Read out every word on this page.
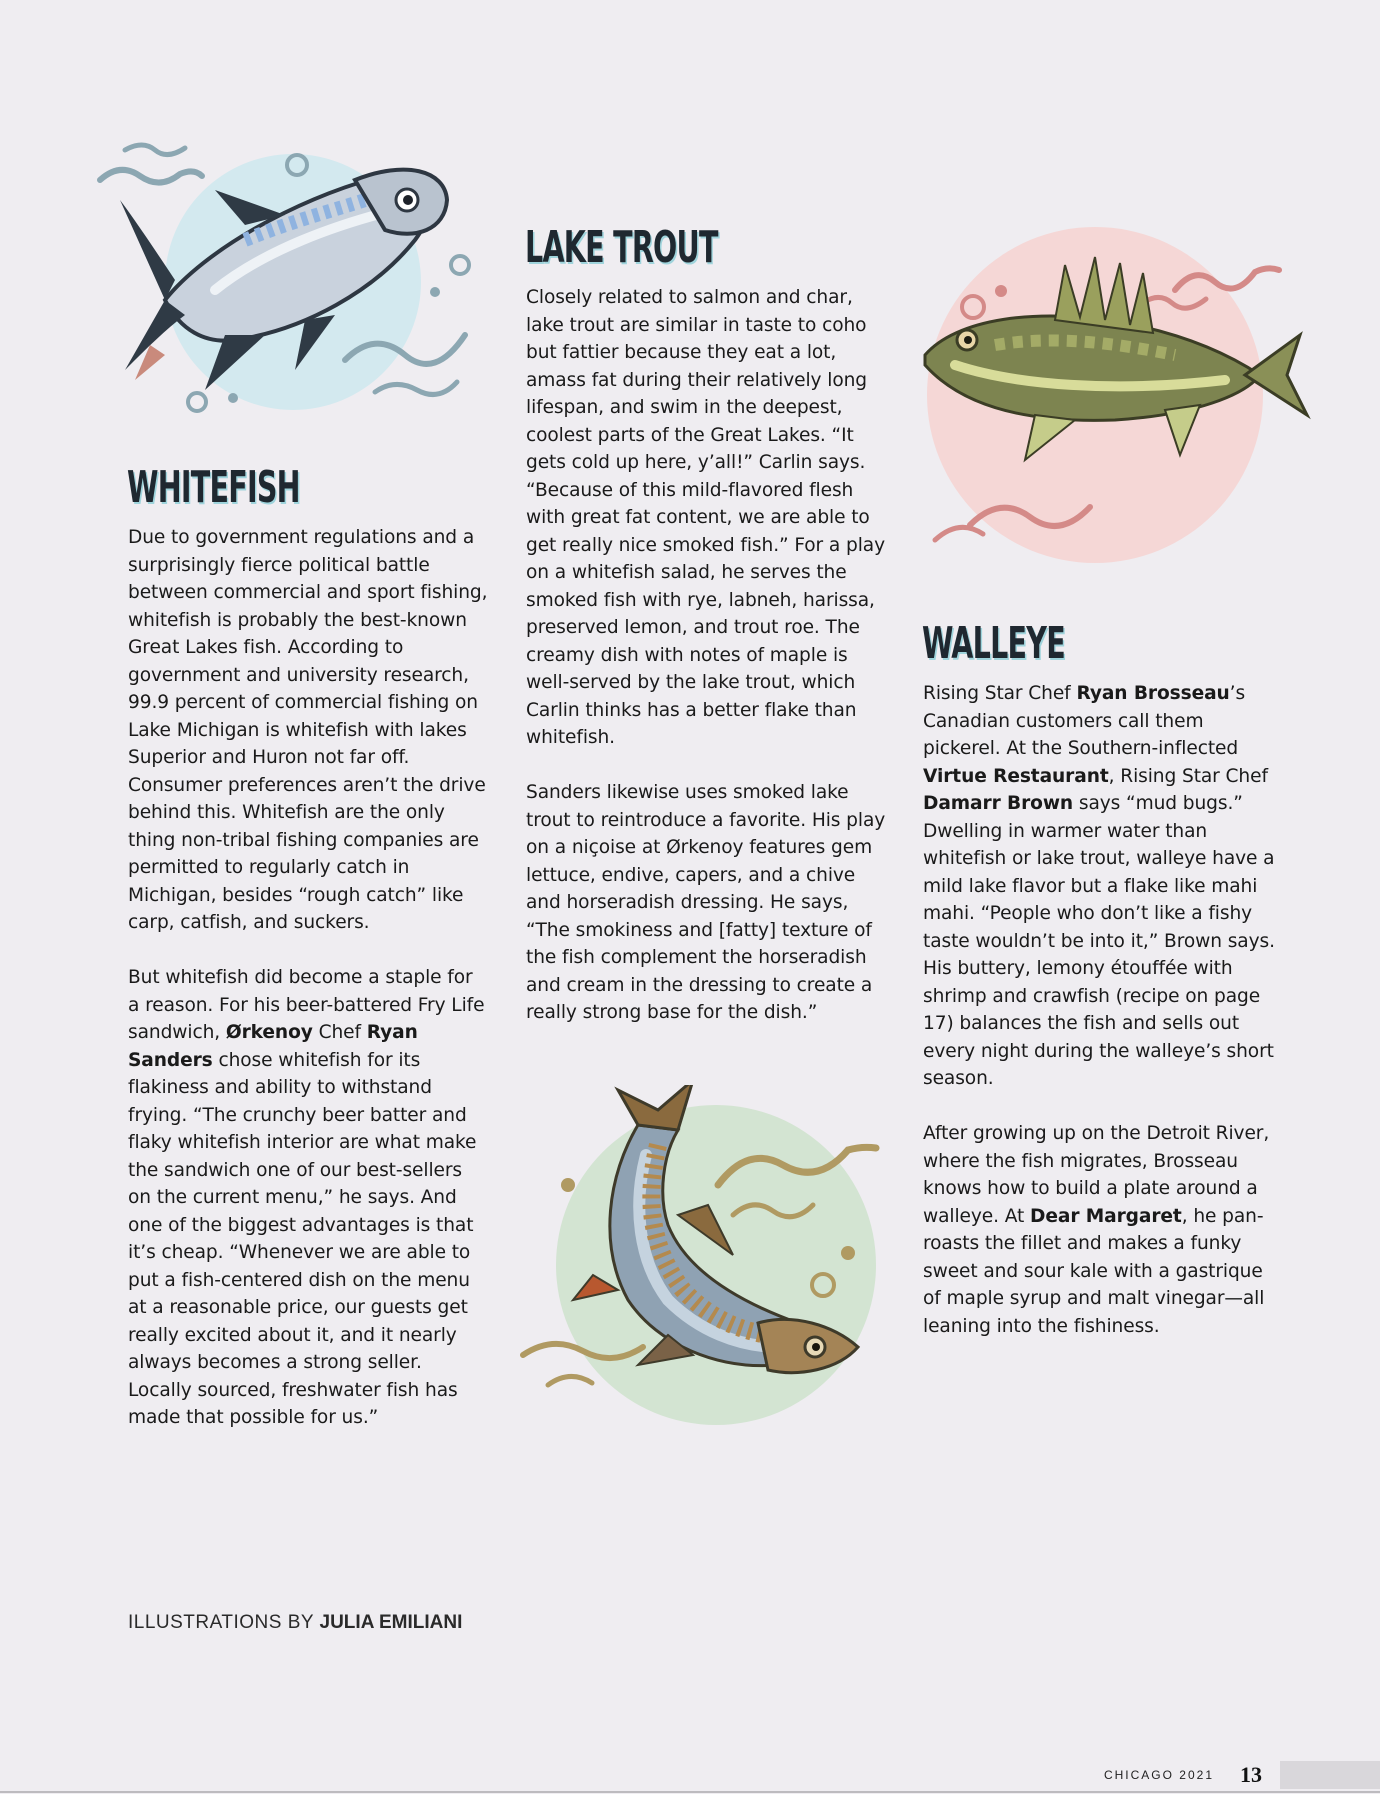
WHITEFISH

Due to government regulations and a surprisingly fierce political battle between commercial and sport fishing, whitefish is probably the best-known Great Lakes fish. According to government and university research, 99.9 percent of commercial fishing on Lake Michigan is whitefish with lakes Superior and Huron not far off. Consumer preferences aren’t the drive behind this. Whitefish are the only thing non-tribal fishing companies are permitted to regularly catch in Michigan, besides “rough catch” like carp, catfish, and suckers.

But whitefish did become a staple for a reason. For his beer-battered Fry Life sandwich, Ørkenoy Chef Ryan Sanders chose whitefish for its flakiness and ability to withstand frying. “The crunchy beer batter and flaky whitefish interior are what make the sandwich one of our best-sellers on the current menu,” he says. And one of the biggest advantages is that it’s cheap. “Whenever we are able to put a fish-centered dish on the menu at a reasonable price, our guests get really excited about it, and it nearly always becomes a strong seller. Locally sourced, freshwater fish has made that possible for us.”

LAKE TROUT

Closely related to salmon and char, lake trout are similar in taste to coho but fattier because they eat a lot, amass fat during their relatively long lifespan, and swim in the deepest, coolest parts of the Great Lakes. “It gets cold up here, y’all!” Carlin says. “Because of this mild-flavored flesh with great fat content, we are able to get really nice smoked fish.” For a play on a whitefish salad, he serves the smoked fish with rye, labneh, harissa, preserved lemon, and trout roe. The creamy dish with notes of maple is well-served by the lake trout, which Carlin thinks has a better flake than whitefish.

Sanders likewise uses smoked lake trout to reintroduce a favorite. His play on a niçoise at Ørkenoy features gem lettuce, endive, capers, and a chive and horseradish dressing. He says, “The smokiness and [fatty] texture of the fish complement the horseradish and cream in the dressing to create a really strong base for the dish.”

WALLEYE

Rising Star Chef Ryan Brosseau’s Canadian customers call them pickerel. At the Southern-inflected Virtue Restaurant, Rising Star Chef Damarr Brown says “mud bugs.” Dwelling in warmer water than whitefish or lake trout, walleye have a mild lake flavor but a flake like mahi mahi. “People who don’t like a fishy taste wouldn’t be into it,” Brown says. His buttery, lemony étouffée with shrimp and crawfish (recipe on page 17) balances the fish and sells out every night during the walleye’s short season.

After growing up on the Detroit River, where the fish migrates, Brosseau knows how to build a plate around a walleye. At Dear Margaret, he pan-roasts the fillet and makes a funky sweet and sour kale with a gastrique of maple syrup and malt vinegar—all leaning into the fishiness.

ILLUSTRATIONS BY JULIA EMILIANI
CHICAGO 2021 13
